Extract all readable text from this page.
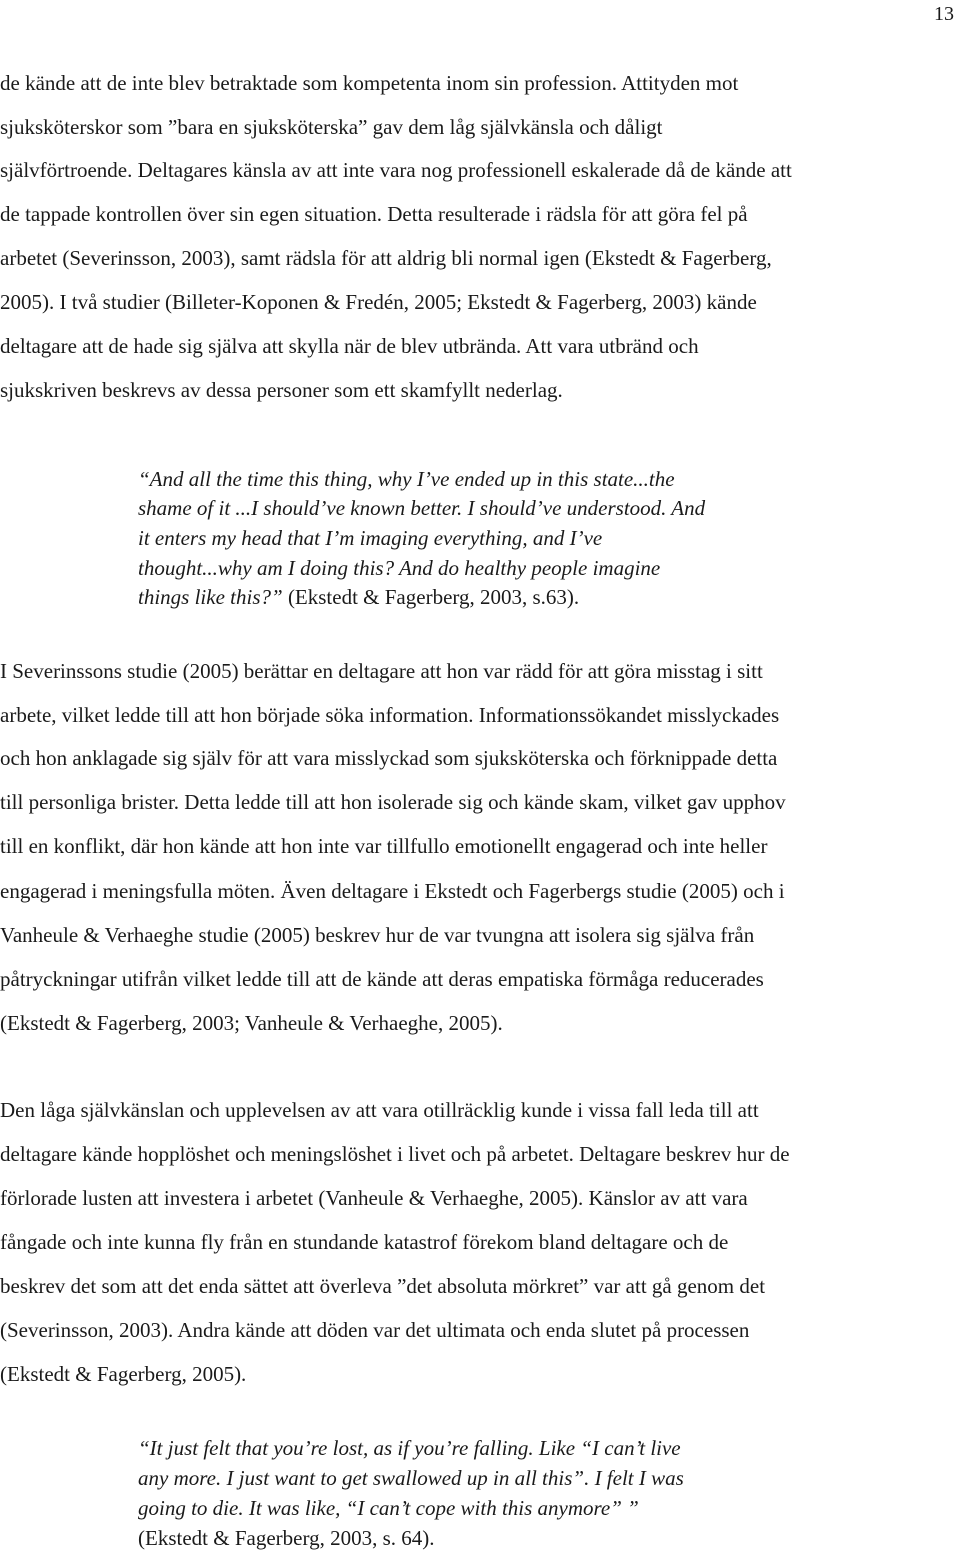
13
de kände att de inte blev betraktade som kompetenta inom sin profession. Attityden mot
sjuksköterskor som ”bara en sjuksköterska” gav dem låg självkänsla och dåligt
självförtroende. Deltagares känsla av att inte vara nog professionell eskalerade då de kände att
de tappade kontrollen över sin egen situation. Detta resulterade i rädsla för att göra fel på
arbetet (Severinsson, 2003), samt rädsla för att aldrig bli normal igen (Ekstedt & Fagerberg,
2005). I två studier (Billeter-Koponen & Fredén, 2005; Ekstedt & Fagerberg, 2003) kände
deltagare att de hade sig själva att skylla när de blev utbrända. Att vara utbränd och
sjukskriven beskrevs av dessa personer som ett skamfyllt nederlag.
“And all the time this thing, why I’ve ended up in this state...the
shame of it ...I should’ve known better. I should’ve understood. And
it enters my head that I’m imaging everything, and I’ve
thought...why am I doing this? And do healthy people imagine
things like this?” (Ekstedt & Fagerberg, 2003, s.63).
I Severinssons studie (2005) berättar en deltagare att hon var rädd för att göra misstag i sitt
arbete, vilket ledde till att hon började söka information. Informationssökandet misslyckades
och hon anklagade sig själv för att vara misslyckad som sjuksköterska och förknippade detta
till personliga brister. Detta ledde till att hon isolerade sig och kände skam, vilket gav upphov
till en konflikt, där hon kände att hon inte var tillfullo emotionellt engagerad och inte heller
engagerad i meningsfulla möten. Även deltagare i Ekstedt och Fagerbergs studie (2005) och i
Vanheule & Verhaeghe studie (2005) beskrev hur de var tvungna att isolera sig själva från
påtryckningar utifrån vilket ledde till att de kände att deras empatiska förmåga reducerades
(Ekstedt & Fagerberg, 2003; Vanheule & Verhaeghe, 2005).
Den låga självkänslan och upplevelsen av att vara otillräcklig kunde i vissa fall leda till att
deltagare kände hopplöshet och meningslöshet i livet och på arbetet. Deltagare beskrev hur de
förlorade lusten att investera i arbetet (Vanheule & Verhaeghe, 2005). Känslor av att vara
fångade och inte kunna fly från en stundande katastrof förekom bland deltagare och de
beskrev det som att det enda sättet att överleva ”det absoluta mörkret” var att gå genom det
(Severinsson, 2003). Andra kände att döden var det ultimata och enda slutet på processen
(Ekstedt & Fagerberg, 2005).
“It just felt that you’re lost, as if you’re falling. Like “I can’t live
any more. I just want to get swallowed up in all this”. I felt I was
going to die. It was like, “I can’t cope with this anymore” ”
(Ekstedt & Fagerberg, 2003, s. 64).
